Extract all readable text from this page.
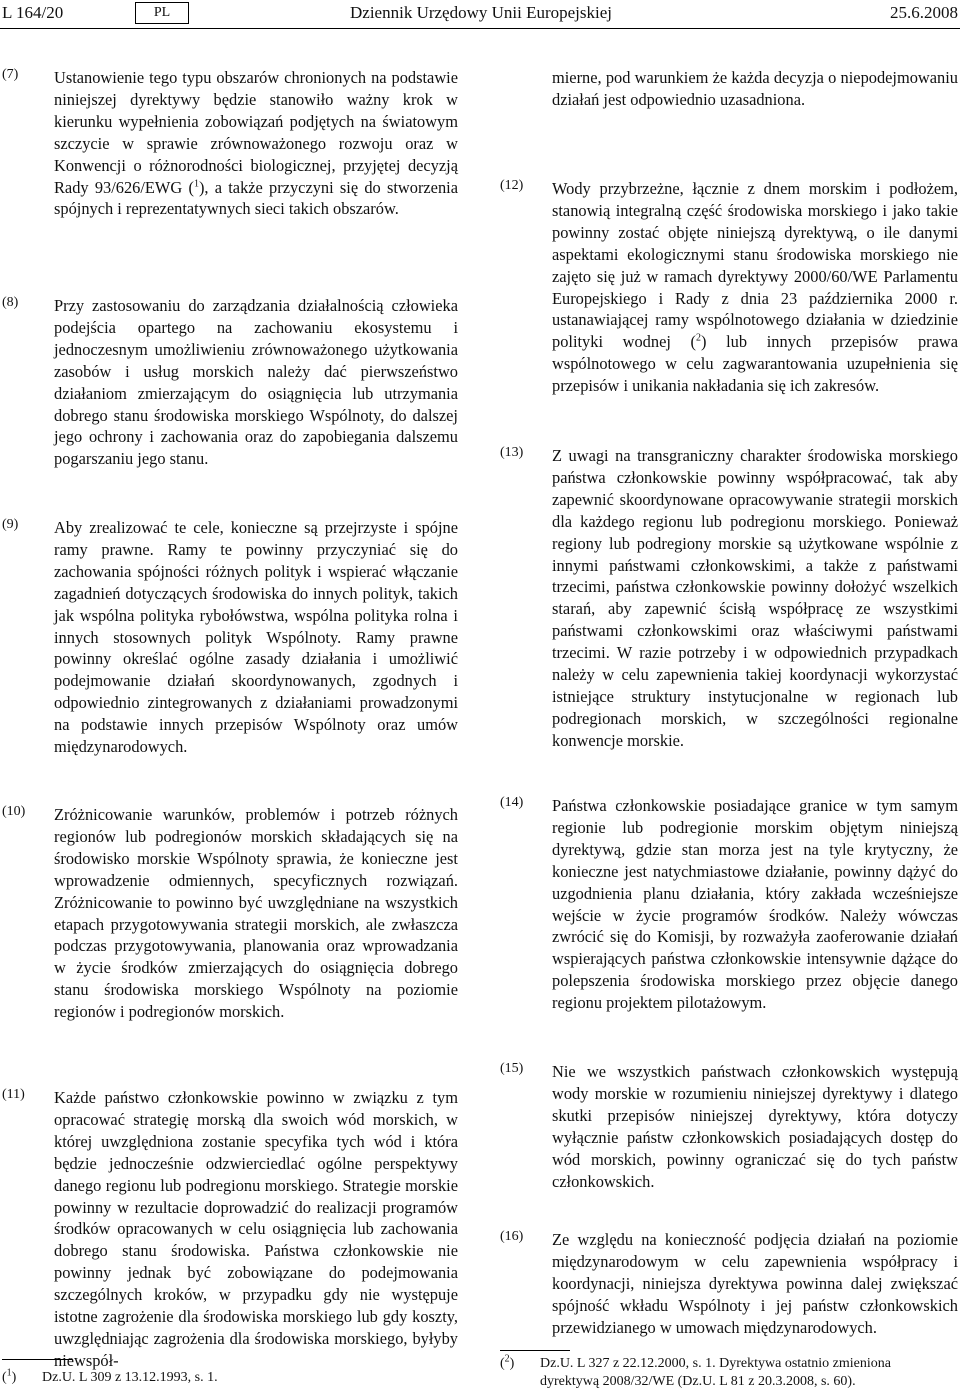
L 164/20	PL	Dziennik Urzędowy Unii Europejskiej	25.6.2008
(7) Ustanowienie tego typu obszarów chronionych na podstawie niniejszej dyrektywy będzie stanowiło ważny krok w kierunku wypełnienia zobowiązań podjętych na światowym szczycie w sprawie zrównoważonego rozwoju oraz w Konwencji o różnorodności biologicznej, przyjętej decyzją Rady 93/626/EWG ($^1$), a także przyczyni się do stworzenia spójnych i reprezentatywnych sieci takich obszarów.
(8) Przy zastosowaniu do zarządzania działalnością człowieka podejścia opartego na zachowaniu ekosystemu i jednoczesnym umożliwieniu zrównoważonego użytkowania zasobów i usług morskich należy dać pierwszeństwo działaniom zmierzającym do osiągnięcia lub utrzymania dobrego stanu środowiska morskiego Wspólnoty, do dalszej jego ochrony i zachowania oraz do zapobiegania dalszemu pogarszaniu jego stanu.
(9) Aby zrealizować te cele, konieczne są przejrzyste i spójne ramy prawne. Ramy te powinny przyczyniać się do zachowania spójności różnych polityk i wspierać włączanie zagadnień dotyczących środowiska do innych polityk, takich jak wspólna polityka rybołówstwa, wspólna polityka rolna i innych stosownych polityk Wspólnoty. Ramy prawne powinny określać ogólne zasady działania i umożliwić podejmowanie działań skoordynowanych, zgodnych i odpowiednio zintegrowanych z działaniami prowadzonymi na podstawie innych przepisów Wspólnoty oraz umów międzynarodowych.
(10) Zróżnicowanie warunków, problemów i potrzeb różnych regionów lub podregionów morskich składających się na środowisko morskie Wspólnoty sprawia, że konieczne jest wprowadzenie odmiennych, specyficznych rozwiązań. Zróżnicowanie to powinno być uwzględniane na wszystkich etapach przygotowywania strategii morskich, ale zwłaszcza podczas przygotowywania, planowania oraz wprowadzania w życie środków zmierzających do osiągnięcia dobrego stanu środowiska morskiego Wspólnoty na poziomie regionów i podregionów morskich.
(11) Każde państwo członkowskie powinno w związku z tym opracować strategię morską dla swoich wód morskich, w której uwzględniona zostanie specyfika tych wód i która będzie jednocześnie odzwierciedlać ogólne perspektywy danego regionu lub podregionu morskiego. Strategie morskie powinny w rezultacie doprowadzić do realizacji programów środków opracowanych w celu osiągnięcia lub zachowania dobrego stanu środowiska. Państwa członkowskie nie powinny jednak być zobowiązane do podejmowania szczególnych kroków, w przypadku gdy nie występuje istotne zagrożenie dla środowiska morskiego lub gdy koszty, uwzględniając zagrożenia dla środowiska morskiego, byłyby niewspół-
mierne, pod warunkiem że każda decyzja o niepodejmowaniu działań jest odpowiednio uzasadniona.
(12) Wody przybrzeżne, łącznie z dnem morskim i podłożem, stanowią integralną część środowiska morskiego i jako takie powinny zostać objęte niniejszą dyrektywą, o ile danymi aspektami ekologicznymi stanu środowiska morskiego nie zajęto się już w ramach dyrektywy 2000/60/WE Parlamentu Europejskiego i Rady z dnia 23 października 2000 r. ustanawiającej ramy wspólnotowego działania w dziedzinie polityki wodnej ($^2$) lub innych przepisów prawa wspólnotowego w celu zagwarantowania uzupełnienia się przepisów i unikania nakładania się ich zakresów.
(13) Z uwagi na transgraniczny charakter środowiska morskiego państwa członkowskie powinny współpracować, tak aby zapewnić skoordynowane opracowywanie strategii morskich dla każdego regionu lub podregionu morskiego. Ponieważ regiony lub podregiony morskie są użytkowane wspólnie z innymi państwami członkowskimi, a także z państwami trzecimi, państwa członkowskie powinny dołożyć wszelkich starań, aby zapewnić ścisłą współpracę ze wszystkimi państwami członkowskimi oraz właściwymi państwami trzecimi. W razie potrzeby i w odpowiednich przypadkach należy w celu zapewnienia takiej koordynacji wykorzystać istniejące struktury instytucjonalne w regionach lub podregionach morskich, w szczególności regionalne konwencje morskie.
(14) Państwa członkowskie posiadające granice w tym samym regionie lub podregionie morskim objętym niniejszą dyrektywą, gdzie stan morza jest na tyle krytyczny, że konieczne jest natychmiastowe działanie, powinny dążyć do uzgodnienia planu działania, który zakłada wcześniejsze wejście w życie programów środków. Należy wówczas zwrócić się do Komisji, by rozważyła zaoferowanie działań wspierających państwa członkowskie intensywnie dążące do polepszenia środowiska morskiego przez objęcie danego regionu projektem pilotażowym.
(15) Nie we wszystkich państwach członkowskich występują wody morskie w rozumieniu niniejszej dyrektywy i dlatego skutki przepisów niniejszej dyrektywy, która dotyczy wyłącznie państw członkowskich posiadających dostęp do wód morskich, powinny ograniczać się do tych państw członkowskich.
(16) Ze względu na konieczność podjęcia działań na poziomie międzynarodowym w celu zapewnienia współpracy i koordynacji, niniejsza dyrektywa powinna dalej zwiększać spójność wkładu Wspólnoty i jej państw członkowskich przewidzianego w umowach międzynarodowych.
($^1$) Dz.U. L 309 z 13.12.1993, s. 1.
($^2$) Dz.U. L 327 z 22.12.2000, s. 1. Dyrektywa ostatnio zmieniona
dyrektywą 2008/32/WE (Dz.U. L 81 z 20.3.2008, s. 60).
